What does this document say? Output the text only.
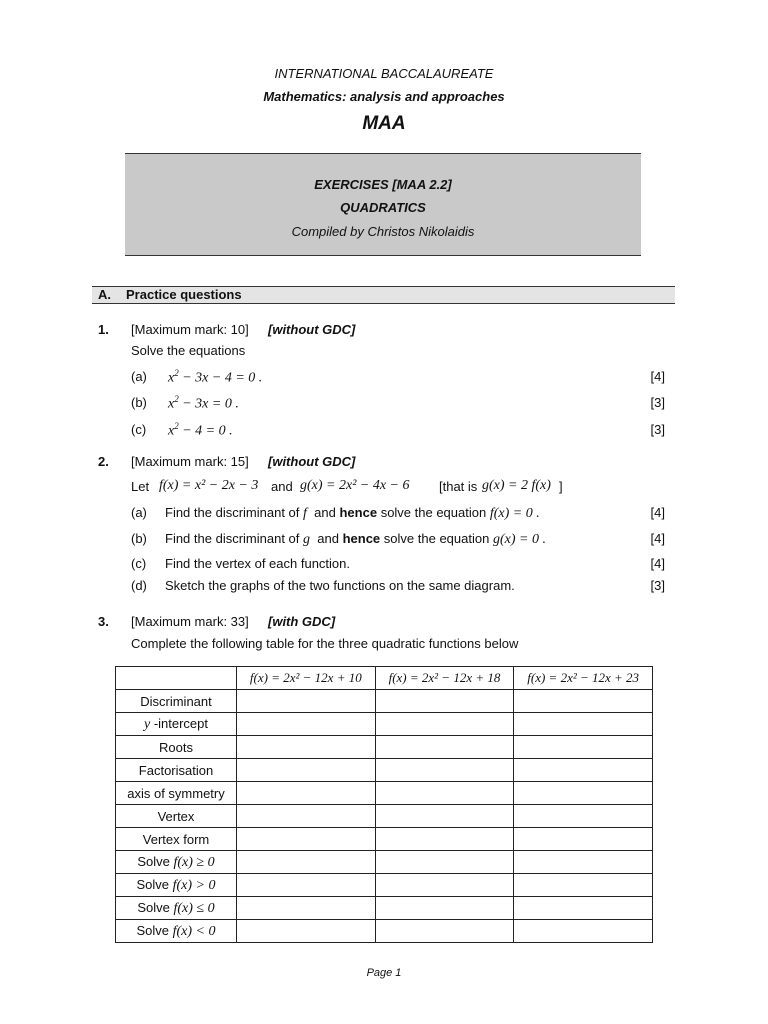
INTERNATIONAL BACCALAUREATE
Mathematics: analysis and approaches
MAA
EXERCISES [MAA 2.2]
QUADRATICS
Compiled by Christos Nikolaidis
A. Practice questions
1. [Maximum mark: 10] [without GDC]
Solve the equations
(a) $x^2 - 3x - 4 = 0$ .	[4]
(b) $x^2 - 3x = 0$ .	[3]
(c) $x^2 - 4 = 0$ .	[3]
2. [Maximum mark: 15] [without GDC]
Let f(x) = x² − 2x − 3 and g(x) = 2x² − 4x − 6 [that is g(x) = 2 f(x) ]
(a) Find the discriminant of f and hence solve the equation f(x) = 0 .	[4]
(b) Find the discriminant of g and hence solve the equation g(x) = 0 .	[4]
(c) Find the vertex of each function.	[4]
(d) Sketch the graphs of the two functions on the same diagram.	[3]
3. [Maximum mark: 33] [with GDC]
Complete the following table for the three quadratic functions below
	f(x) = 2x² − 12x + 10	f(x) = 2x² − 12x + 18	f(x) = 2x² − 12x + 23
Discriminant			
y -intercept			
Roots			
Factorisation			
axis of symmetry			
Vertex			
Vertex form			
Solve f(x) ≥ 0			
Solve f(x) > 0			
Solve f(x) ≤ 0			
Solve f(x) < 0			
Page 1
